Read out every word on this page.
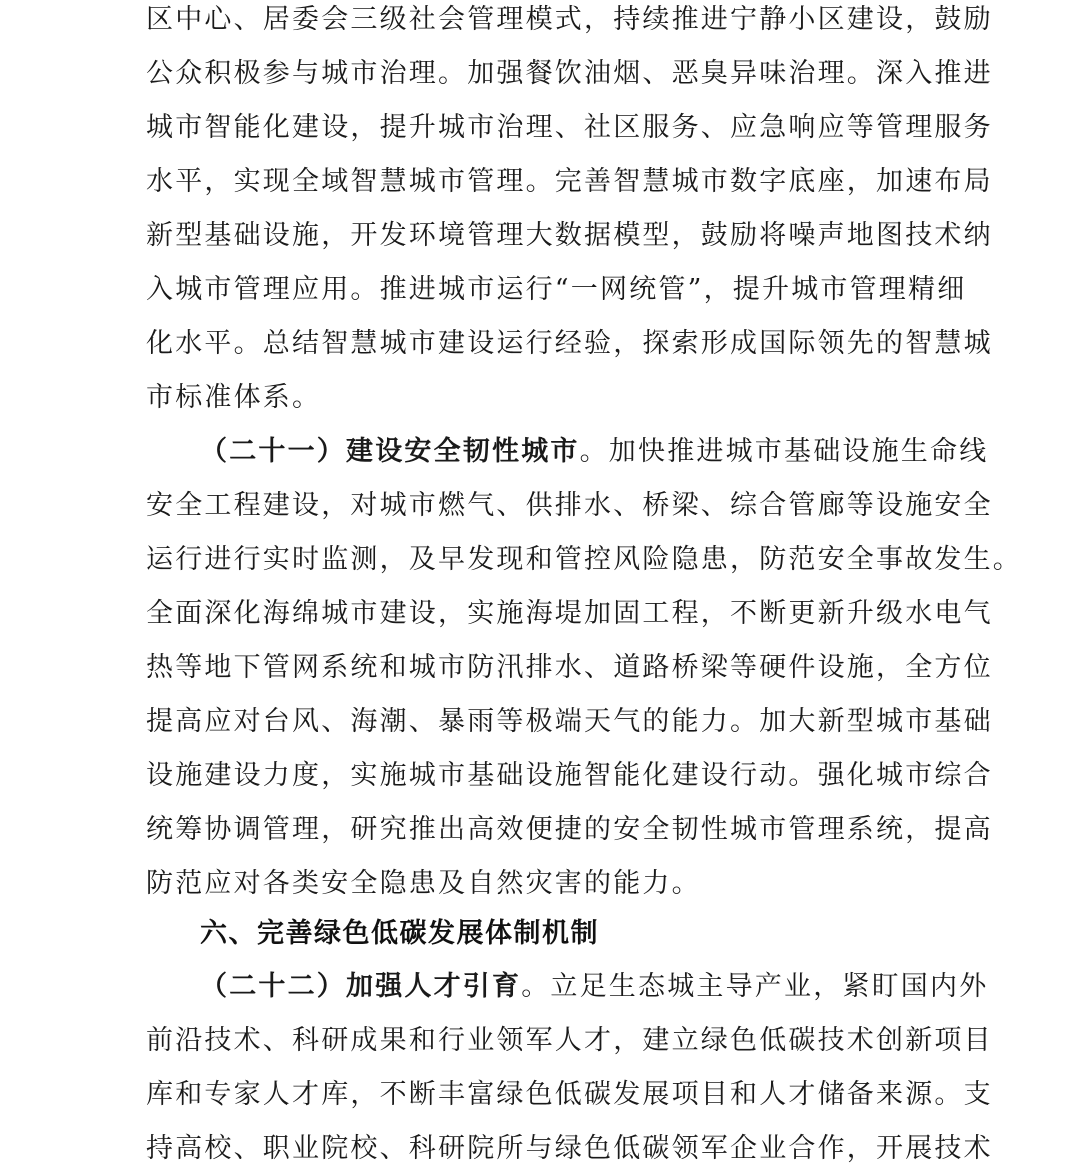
区中心、居委会三级社会管理模式，持续推进宁静小区建设，鼓励
公众积极参与城市治理。加强餐饮油烟、恶臭异味治理。深入推进
城市智能化建设，提升城市治理、社区服务、应急响应等管理服务
水平，实现全域智慧城市管理。完善智慧城市数字底座，加速布局
新型基础设施，开发环境管理大数据模型，鼓励将噪声地图技术纳
入城市管理应用。推进城市运行“一网统管”，提升城市管理精细
化水平。总结智慧城市建设运行经验，探索形成国际领先的智慧城
市标准体系。
（二十一）建设安全韧性城市。加快推进城市基础设施生命线
安全工程建设，对城市燃气、供排水、桥梁、综合管廊等设施安全
运行进行实时监测，及早发现和管控风险隐患，防范安全事故发生。
全面深化海绵城市建设，实施海堤加固工程，不断更新升级水电气
热等地下管网系统和城市防汛排水、道路桥梁等硬件设施，全方位
提高应对台风、海潮、暴雨等极端天气的能力。加大新型城市基础
设施建设力度，实施城市基础设施智能化建设行动。强化城市综合
统筹协调管理，研究推出高效便捷的安全韧性城市管理系统，提高
防范应对各类安全隐患及自然灾害的能力。
六、完善绿色低碳发展体制机制
（二十二）加强人才引育。立足生态城主导产业，紧盯国内外
前沿技术、科研成果和行业领军人才，建立绿色低碳技术创新项目
库和专家人才库，不断丰富绿色低碳发展项目和人才储备来源。支
持高校、职业院校、科研院所与绿色低碳领军企业合作，开展技术
